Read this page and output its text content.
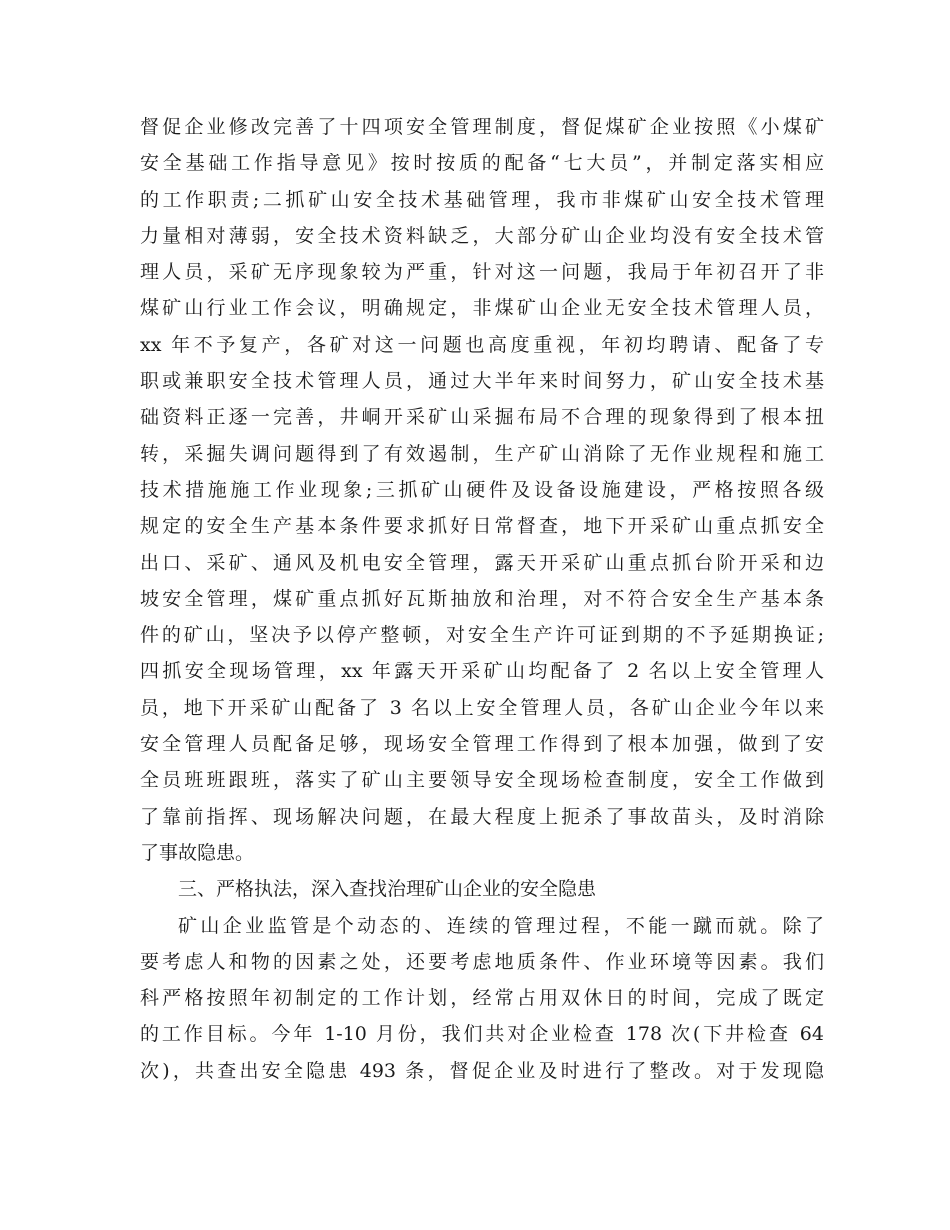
督促企业修改完善了十四项安全管理制度，督促煤矿企业按照《小煤矿
安全基础工作指导意见》按时按质的配备“七大员”，并制定落实相应
的工作职责;二抓矿山安全技术基础管理，我市非煤矿山安全技术管理
力量相对薄弱，安全技术资料缺乏，大部分矿山企业均没有安全技术管
理人员，采矿无序现象较为严重，针对这一问题，我局于年初召开了非
煤矿山行业工作会议，明确规定，非煤矿山企业无安全技术管理人员，
xx 年不予复产，各矿对这一问题也高度重视，年初均聘请、配备了专
职或兼职安全技术管理人员，通过大半年来时间努力，矿山安全技术基
础资料正逐一完善，井峒开采矿山采掘布局不合理的现象得到了根本扭
转，采掘失调问题得到了有效遏制，生产矿山消除了无作业规程和施工
技术措施施工作业现象;三抓矿山硬件及设备设施建设，严格按照各级
规定的安全生产基本条件要求抓好日常督查，地下开采矿山重点抓安全
出口、采矿、通风及机电安全管理，露天开采矿山重点抓台阶开采和边
坡安全管理，煤矿重点抓好瓦斯抽放和治理，对不符合安全生产基本条
件的矿山，坚决予以停产整顿，对安全生产许可证到期的不予延期换证;
四抓安全现场管理，xx 年露天开采矿山均配备了 2 名以上安全管理人
员，地下开采矿山配备了 3 名以上安全管理人员，各矿山企业今年以来
安全管理人员配备足够，现场安全管理工作得到了根本加强，做到了安
全员班班跟班，落实了矿山主要领导安全现场检查制度，安全工作做到
了靠前指挥、现场解决问题，在最大程度上扼杀了事故苗头，及时消除
了事故隐患。
三、严格执法，深入查找治理矿山企业的安全隐患
矿山企业监管是个动态的、连续的管理过程，不能一蹴而就。除了
要考虑人和物的因素之处，还要考虑地质条件、作业环境等因素。我们
科严格按照年初制定的工作计划，经常占用双休日的时间，完成了既定
的工作目标。今年 1-10 月份，我们共对企业检查 178 次(下井检查 64
次)，共查出安全隐患 493 条，督促企业及时进行了整改。对于发现隐
